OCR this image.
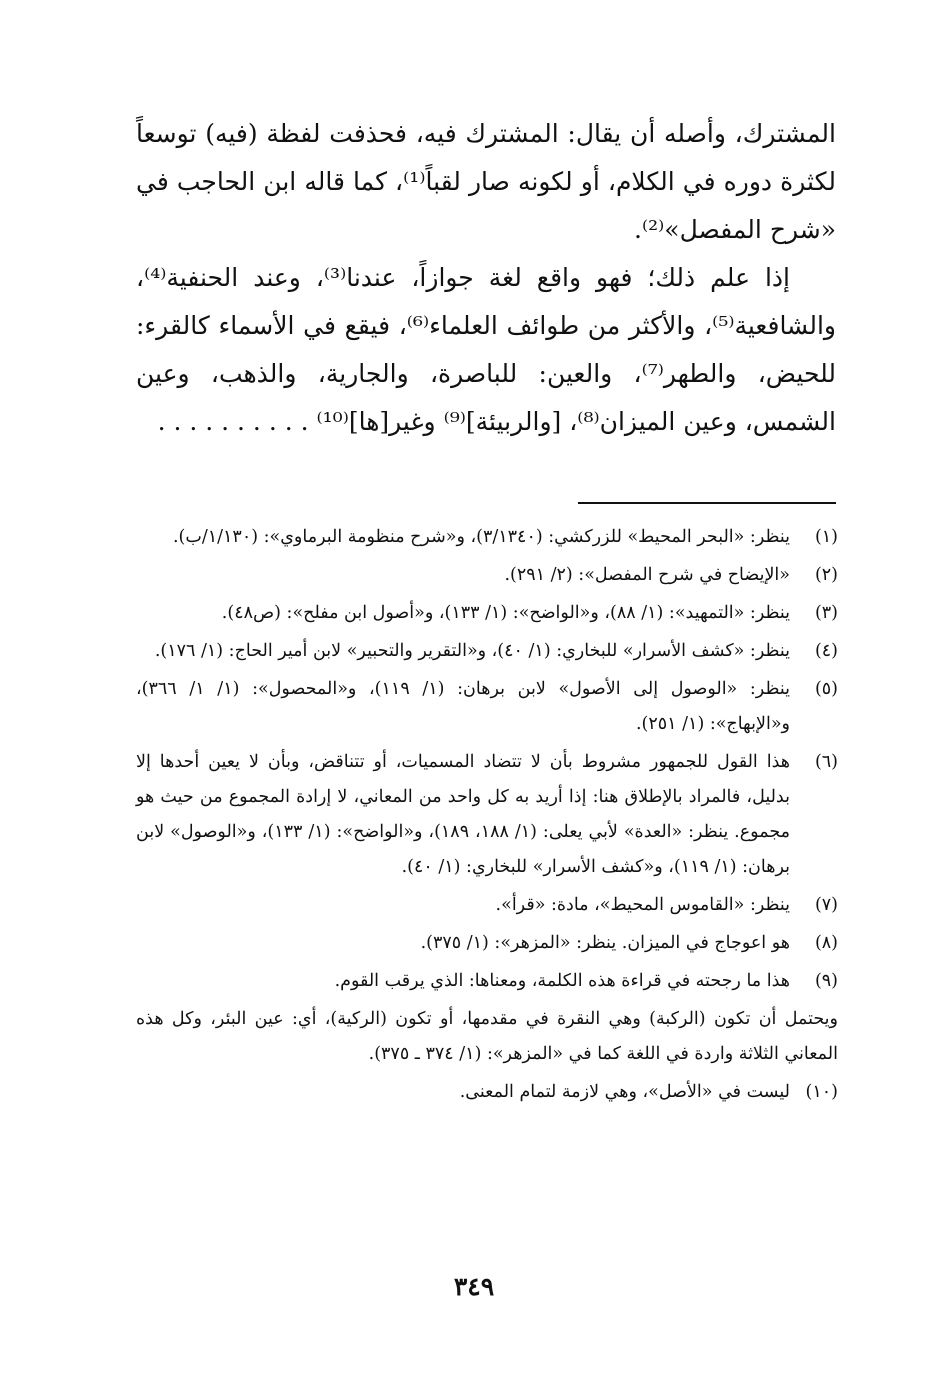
المشترك، وأصله أن يقال: المشترك فيه، فحذفت لفظة (فيه) توسعاً لكثرة دوره في الكلام، أو لكونه صار لقباً⁽¹⁾، كما قاله ابن الحاجب في «شرح المفصل»⁽²⁾.

إذا علم ذلك؛ فهو واقع لغة جوازاً، عندنا⁽³⁾، وعند الحنفية⁽⁴⁾، والشافعية⁽⁵⁾، والأكثر من طوائف العلماء⁽⁶⁾، فيقع في الأسماء كالقرء: للحيض، والطهر⁽⁷⁾، والعين: للباصرة، والجارية، والذهب، وعين الشمس، وعين الميزان⁽⁸⁾، [والربيئة]⁽⁹⁾ وغير[ها]⁽¹⁰⁾ . . . . . . . . . .

(١)
ينظر: «البحر المحيط» للزركشي: (٣/١٣٤٠)، و«شرح منظومة البرماوي»: (١/١٣٠/ب).
(٢)
«الإيضاح في شرح المفصل»: (٢/ ٢٩١).
(٣)
ينظر: «التمهيد»: (١/ ٨٨)، و«الواضح»: (١/ ١٣٣)، و«أصول ابن مفلح»: (ص٤٨).
(٤)
ينظر: «كشف الأسرار» للبخاري: (١/ ٤٠)، و«التقرير والتحبير» لابن أمير الحاج: (١/ ١٧٦).
(٥)
ينظر: «الوصول إلى الأصول» لابن برهان: (١/ ١١٩)، و«المحصول»: (١/ ١/ ٣٦٦)، و«الإبهاج»: (١/ ٢٥١).
(٦)
هذا القول للجمهور مشروط بأن لا تتضاد المسميات، أو تتناقض، وبأن لا يعين أحدها إلا بدليل، فالمراد بالإطلاق هنا: إذا أريد به كل واحد من المعاني، لا إرادة المجموع من حيث هو مجموع. ينظر: «العدة» لأبي يعلى: (١/ ١٨٨، ١٨٩)، و«الواضح»: (١/ ١٣٣)، و«الوصول» لابن برهان: (١/ ١١٩)، و«كشف الأسرار» للبخاري: (١/ ٤٠).
(٧)
ينظر: «القاموس المحيط»، مادة: «قرأ».
(٨)
هو اعوجاج في الميزان. ينظر: «المزهر»: (١/ ٣٧٥).
(٩)
هذا ما رجحته في قراءة هذه الكلمة، ومعناها: الذي يرقب القوم.
ويحتمل أن تكون (الركبة) وهي النقرة في مقدمها، أو تكون (الركية)، أي: عين البئر، وكل هذه المعاني الثلاثة واردة في اللغة كما في «المزهر»: (١/ ٣٧٤ ـ ٣٧٥).
(١٠)
ليست في «الأصل»، وهي لازمة لتمام المعنى.
٣٤٩
